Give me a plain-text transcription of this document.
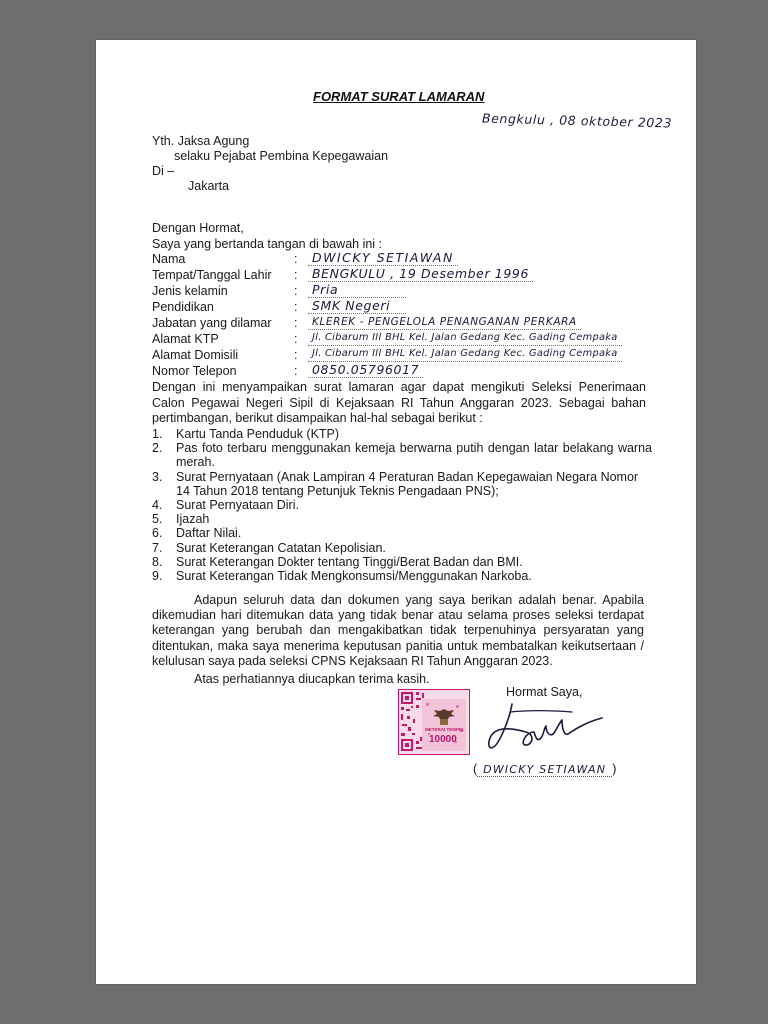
FORMAT SURAT LAMARAN
Bengkulu , 08 oktober 2023
Yth. Jaksa Agung
selaku Pejabat Pembina Kepegawaian
Di –
Jakarta
Dengan Hormat,
Saya yang bertanda tangan di bawah ini :
Nama	:	DWICKY SETIAWAN
Tempat/Tanggal Lahir	:	BENGKULU , 19 Desember 1996
Jenis kelamin	:	Pria
Pendidikan	:	SMK Negeri
Jabatan yang dilamar	:	KLEREK - PENGELOLA PENANGANAN PERKARA
Alamat KTP	:	Jl. Cibarum III BHL Kel. Jalan Gedang Kec. Gading Cempaka
Alamat Domisili	:	Jl. Cibarum III BHL Kel. Jalan Gedang Kec. Gading Cempaka
Nomor Telepon	:	0850.05796017
Dengan ini menyampaikan surat lamaran agar dapat mengikuti Seleksi Penerimaan Calon Pegawai Negeri Sipil di Kejaksaan RI Tahun Anggaran 2023. Sebagai bahan pertimbangan, berikut disampaikan hal-hal sebagai berikut :
1.	Kartu Tanda Penduduk (KTP)
2.	Pas foto terbaru menggunakan kemeja berwarna putih dengan latar belakang warna merah.
3.	Surat Pernyataan (Anak Lampiran 4 Peraturan Badan Kepegawaian Negara Nomor 14 Tahun 2018 tentang Petunjuk Teknis Pengadaan PNS);
4.	Surat Pernyataan Diri.
5.	Ijazah
6.	Daftar Nilai.
7.	Surat Keterangan Catatan Kepolisian.
8.	Surat Keterangan Dokter tentang Tinggi/Berat Badan dan BMI.
9.	Surat Keterangan Tidak Mengkonsumsi/Menggunakan Narkoba.
Adapun seluruh data dan dokumen yang saya berikan adalah benar. Apabila dikemudian hari ditemukan data yang tidak benar atau selama proses seleksi terdapat keterangan yang berubah dan mengakibatkan tidak terpenuhinya persyaratan yang ditentukan, maka saya menerima keputusan panitia untuk membatalkan keikutsertaan / kelulusan saya pada seleksi CPNS Kejaksaan RI Tahun Anggaran 2023.
Atas perhatiannya diucapkan terima kasih.
Hormat Saya,
METERAI TEMPEL
10000
( DWICKY SETIAWAN )
